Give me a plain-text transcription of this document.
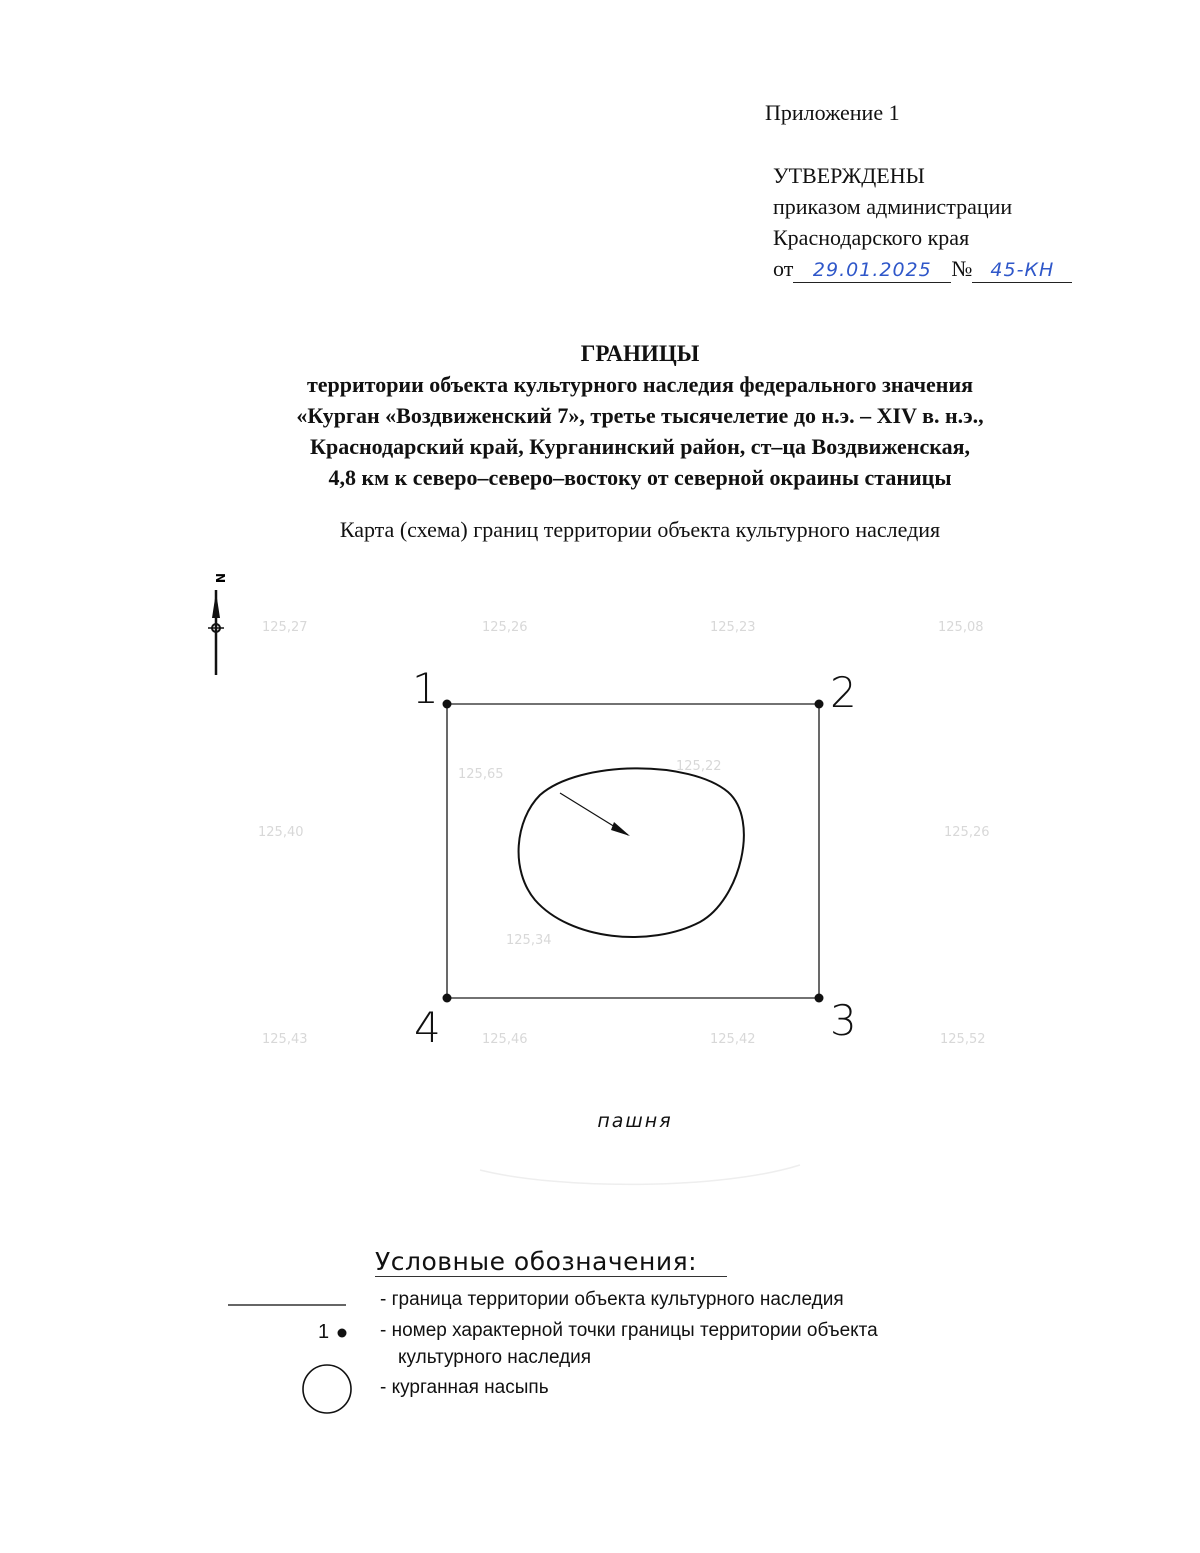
Приложение 1
УТВЕРЖДЕНЫ
приказом администрации
Краснодарского края
от 29.01.2025 № 45-КН
ГРАНИЦЫ
территории объекта культурного наследия федерального значения
«Курган «Воздвиженский 7», третье тысячелетие до н.э. – XIV в. н.э.,
Краснодарский край, Курганинский район, ст–ца Воздвиженская,
4,8 км к северо–северо–востоку от северной окраины станицы
Карта (схема) границ территории объекта культурного наследия
N
125,27	125,26	125,23	125,08
125,40	125,26
125,65
125,22
125,34
125,43	125,46	125,42	125,52
1	2
3
4
пашня
Условные обозначения:
1
- граница территории объекта культурного наследия
- номер характерной точки границы территории объекта
культурного наследия
- курганная насыпь
